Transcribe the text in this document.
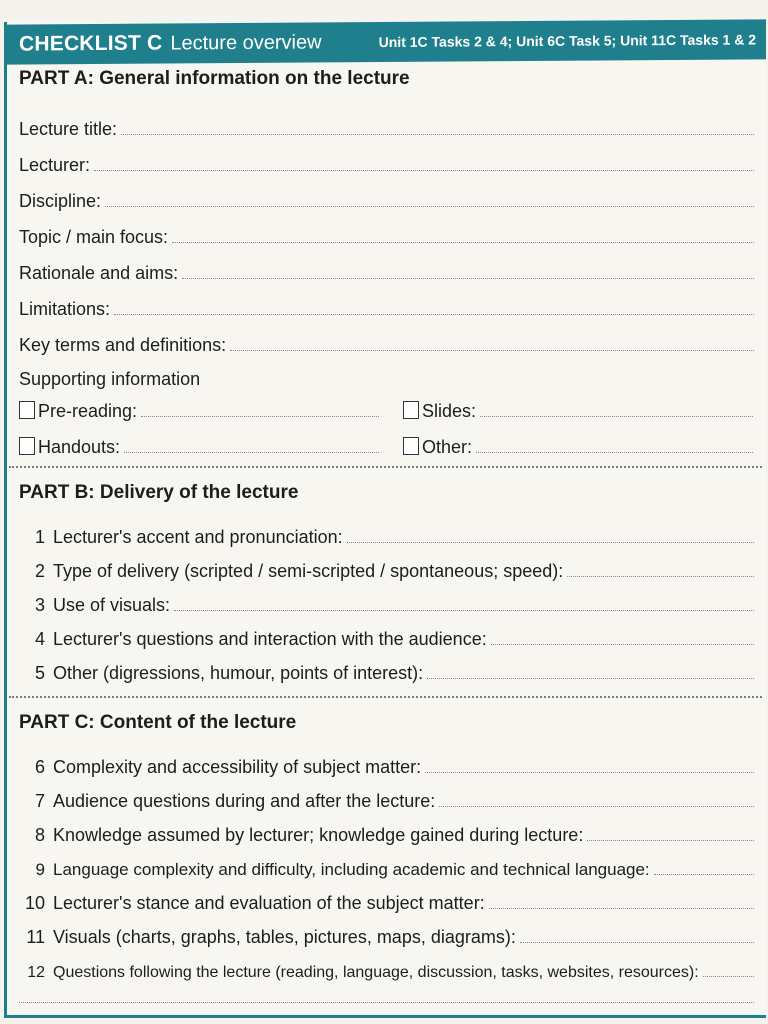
CHECKLIST C Lecture overview	Unit 1C Tasks 2 & 4; Unit 6C Task 5; Unit 11C Tasks 1 & 2
PART A: General information on the lecture
Lecture title:
Lecturer:
Discipline:
Topic / main focus:
Rationale and aims:
Limitations:
Key terms and definitions:
Supporting information
Pre-reading:	Slides:
Handouts:	Other:
PART B: Delivery of the lecture
1 Lecturer's accent and pronunciation:
2 Type of delivery (scripted / semi-scripted / spontaneous; speed):
3 Use of visuals:
4 Lecturer's questions and interaction with the audience:
5 Other (digressions, humour, points of interest):
PART C: Content of the lecture
6 Complexity and accessibility of subject matter:
7 Audience questions during and after the lecture:
8 Knowledge assumed by lecturer; knowledge gained during lecture:
9 Language complexity and difficulty, including academic and technical language:
10 Lecturer's stance and evaluation of the subject matter:
11 Visuals (charts, graphs, tables, pictures, maps, diagrams):
12 Questions following the lecture (reading, language, discussion, tasks, websites, resources):
